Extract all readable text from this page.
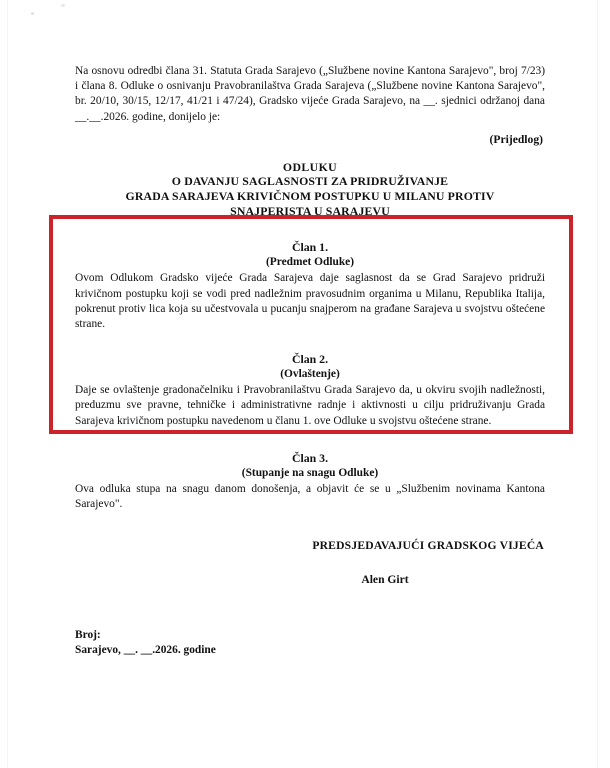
Na osnovu odredbi člana 31. Statuta Grada Sarajevo („Službene novine Kantona Sarajevo", broj 7/23) i člana 8. Odluke o osnivanju Pravobranilaštva Grada Sarajeva („Službene novine Kantona Sarajevo", br. 20/10, 30/15, 12/17, 41/21 i 47/24), Gradsko vijeće Grada Sarajevo, na __. sjednici održanoj dana __.__.2026. godine, donijelo je:

(Prijedlog)

ODLUKU
O DAVANJU SAGLASNOSTI ZA PRIDRUŽIVANJE
GRADA SARAJEVA KRIVIČNOM POSTUPKU U MILANU PROTIV
SNAJPERISTA U SARAJEVU
Član 1.
(Predmet Odluke)

Ovom Odlukom Gradsko vijeće Grada Sarajeva daje saglasnost da se Grad Sarajevo pridruži krivičnom postupku koji se vodi pred nadležnim pravosudnim organima u Milanu, Republika Italija, pokrenut protiv lica koja su učestvovala u pucanju snajperom na građane Sarajeva u svojstvu oštećene strane.

Član 2.
(Ovlaštenje)

Daje se ovlaštenje gradonačelniku i Pravobranilaštvu Grada Sarajevo da, u okviru svojih nadležnosti, preduzmu sve pravne, tehničke i administrativne radnje i aktivnosti u cilju pridruživanju Grada Sarajeva krivičnom postupku navedenom u članu 1. ove Odluke u svojstvu oštećene strane.

Član 3.
(Stupanje na snagu Odluke)

Ova odluka stupa na snagu danom donošenja, a objavit će se u „Službenim novinama Kantona Sarajevo".

PREDSJEDAVAJUĆI GRADSKOG VIJEĆA

Alen Girt

Broj:
Sarajevo, __. __.2026. godine
